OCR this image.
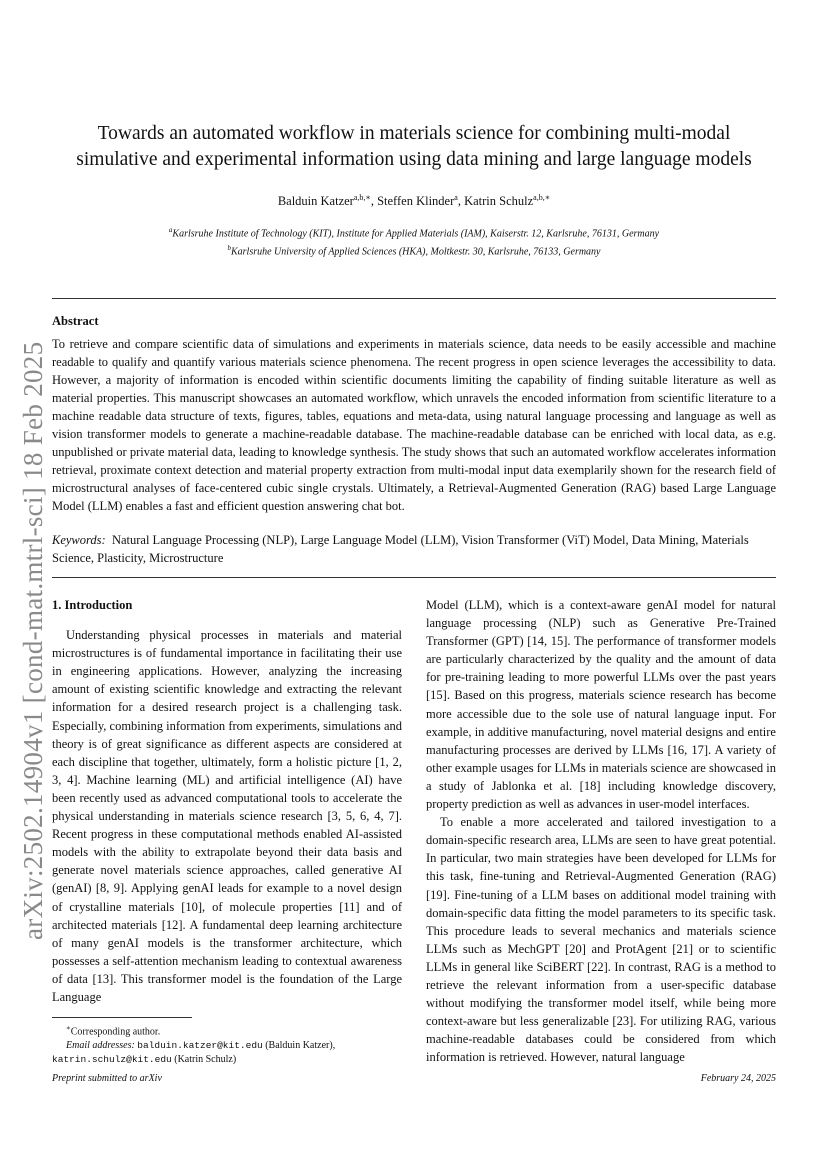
arXiv:2502.14904v1 [cond-mat.mtrl-sci] 18 Feb 2025
Towards an automated workflow in materials science for combining multi-modal
simulative and experimental information using data mining and large language models
Balduin Katzer$^{a,b,∗}$, Steffen Klinder$^a$, Katrin Schulz$^{a,b,∗}$
$^a$Karlsruhe Institute of Technology (KIT), Institute for Applied Materials (IAM), Kaiserstr. 12, Karlsruhe, 76131, Germany
$^b$Karlsruhe University of Applied Sciences (HKA), Moltkestr. 30, Karlsruhe, 76133, Germany
Abstract
To retrieve and compare scientific data of simulations and experiments in materials science, data needs to be easily accessible and machine readable to qualify and quantify various materials science phenomena. The recent progress in open science leverages the accessibility to data. However, a majority of information is encoded within scientific documents limiting the capability of finding suitable literature as well as material properties. This manuscript showcases an automated workflow, which unravels the encoded information from scientific literature to a machine readable data structure of texts, figures, tables, equations and meta-data, using natural language processing and language as well as vision transformer models to generate a machine-readable database. The machine-readable database can be enriched with local data, as e.g. unpublished or private material data, leading to knowledge synthesis. The study shows that such an automated workflow accelerates information retrieval, proximate context detection and material property extraction from multi-modal input data exemplarily shown for the research field of microstructural analyses of face-centered cubic single crystals. Ultimately, a Retrieval-Augmented Generation (RAG) based Large Language Model (LLM) enables a fast and efficient question answering chat bot.
Keywords: Natural Language Processing (NLP), Large Language Model (LLM), Vision Transformer (ViT) Model, Data Mining, Materials Science, Plasticity, Microstructure
1. Introduction

Understanding physical processes in materials and material microstructures is of fundamental importance in facilitating their use in engineering applications. However, analyzing the increasing amount of existing scientific knowledge and extracting the relevant information for a desired research project is a challenging task. Especially, combining information from experiments, simulations and theory is of great significance as different aspects are considered at each discipline that together, ultimately, form a holistic picture [1, 2, 3, 4]. Machine learning (ML) and artificial intelligence (AI) have been recently used as advanced computational tools to accelerate the physical understanding in materials science research [3, 5, 6, 4, 7]. Recent progress in these computational methods enabled AI-assisted models with the ability to extrapolate beyond their data basis and generate novel materials science approaches, called generative AI (genAI) [8, 9]. Applying genAI leads for example to a novel design of crystalline materials [10], of molecule properties [11] and of architected materials [12]. A fundamental deep learning architecture of many genAI models is the transformer architecture, which possesses a self-attention mechanism leading to contextual awareness of data [13]. This transformer model is the foundation of the Large Language

Model (LLM), which is a context-aware genAI model for natural language processing (NLP) such as Generative Pre-Trained Transformer (GPT) [14, 15]. The performance of transformer models are particularly characterized by the quality and the amount of data for pre-training leading to more powerful LLMs over the past years [15]. Based on this progress, materials science research has become more accessible due to the sole use of natural language input. For example, in additive manufacturing, novel material designs and entire manufacturing processes are derived by LLMs [16, 17]. A variety of other example usages for LLMs in materials science are showcased in a study of Jablonka et al. [18] including knowledge discovery, property prediction as well as advances in user-model interfaces.

To enable a more accelerated and tailored investigation to a domain-specific research area, LLMs are seen to have great potential. In particular, two main strategies have been developed for LLMs for this task, fine-tuning and Retrieval-Augmented Generation (RAG) [19]. Fine-tuning of a LLM bases on additional model training with domain-specific data fitting the model parameters to its specific task. This procedure leads to several mechanics and materials science LLMs such as MechGPT [20] and ProtAgent [21] or to scientific LLMs in general like SciBERT [22]. In contrast, RAG is a method to retrieve the relevant information from a user-specific database without modifying the transformer model itself, while being more context-aware but less generalizable [23]. For utilizing RAG, various machine-readable databases could be considered from which information is retrieved. However, natural language

∗Corresponding author.
Email addresses: balduin.katzer@kit.edu (Balduin Katzer), katrin.schulz@kit.edu (Katrin Schulz)
Preprint submitted to arXiv	February 24, 2025
